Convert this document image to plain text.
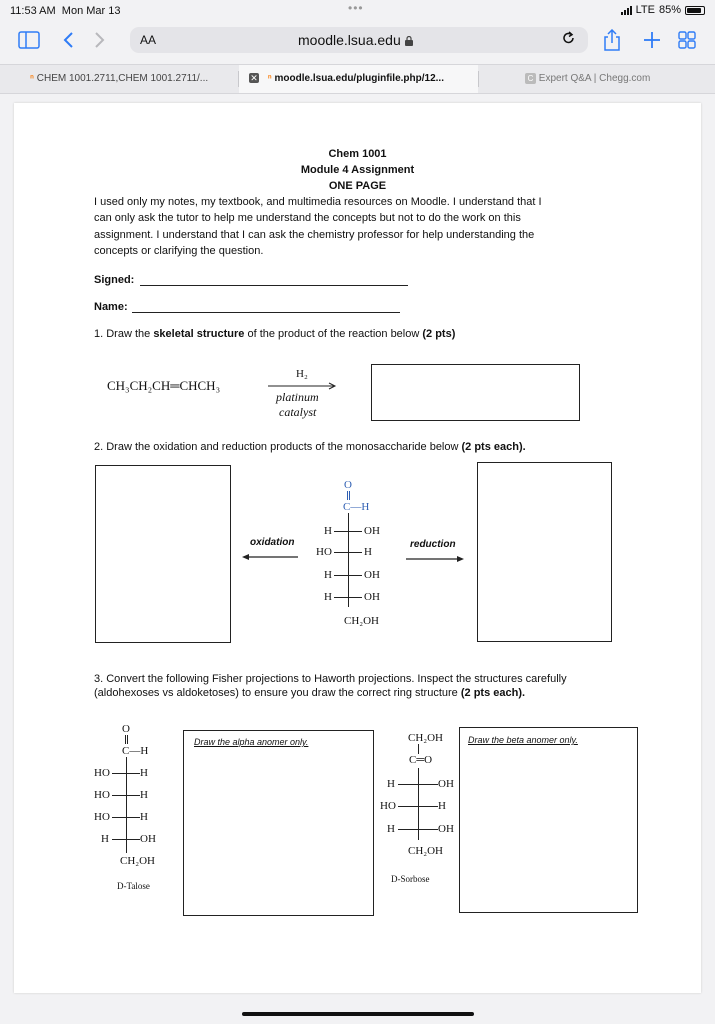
11:53 AM Mon Mar 13	•••	LTE 85%
AA	moodle.lsua.edu
ⁿ CHEM 1001.2711,CHEM 1001.2711/...	✕ ⁿ moodle.lsua.edu/pluginfile.php/12...	C Expert Q&A | Chegg.com
Chem 1001
Module 4 Assignment
ONE PAGE
I used only my notes, my textbook, and multimedia resources on Moodle. I understand that I
can only ask the tutor to help me understand the concepts but not to do the work on this
assignment. I understand that I can ask the chemistry professor for help understanding the
concepts or clarifying the question.
Signed:
Name:
1. Draw the skeletal structure of the product of the reaction below (2 pts)
CH₃CH₂CH═CHCH₃
H₂
platinum
catalyst
2. Draw the oxidation and reduction products of the monosaccharide below (2 pts each).
oxidation	reduction
O
C—H
H	OH
HO	H
H	OH
H	OH
CH₂OH
3. Convert the following Fisher projections to Haworth projections. Inspect the structures carefully
(aldohexoses vs aldoketoses) to ensure you draw the correct ring structure (2 pts each).
O
C—H
HO	H
HO	H
HO	H
H	OH
CH₂OH
D-Talose
Draw the alpha anomer only.	CH₂OH
C═O
H	OH
HO	H
H	OH
CH₂OH
D-Sorbose
Draw the beta anomer only.
